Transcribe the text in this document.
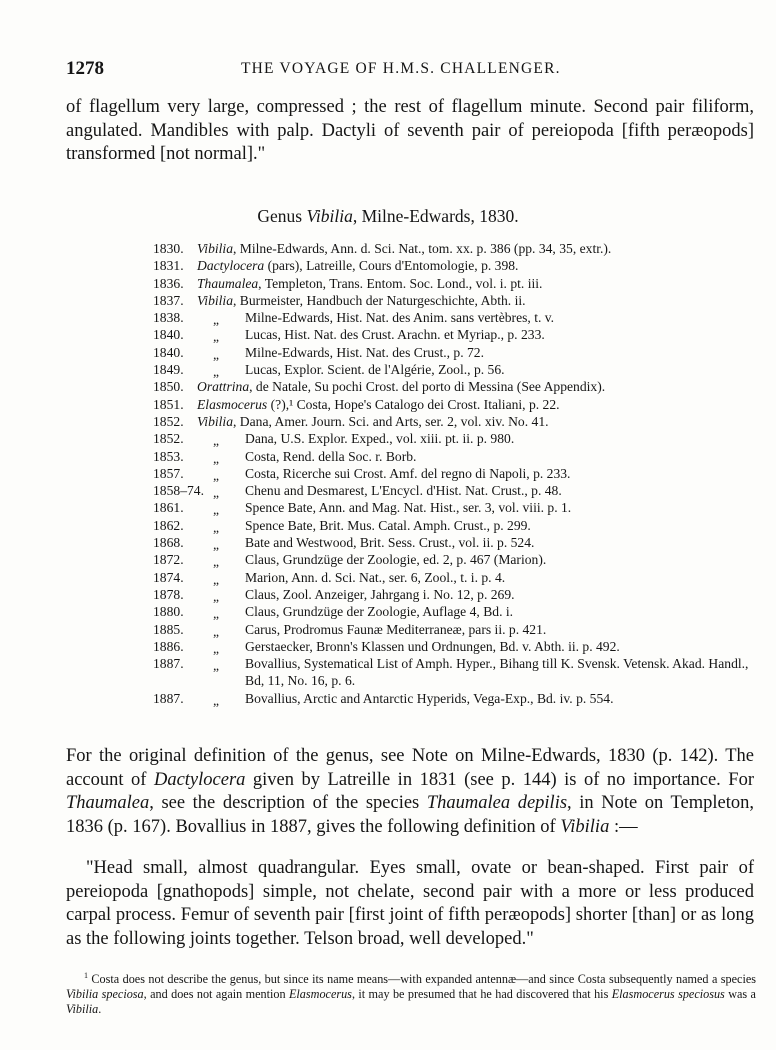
1278	THE VOYAGE OF H.M.S. CHALLENGER.
of flagellum very large, compressed ; the rest of flagellum minute. Second pair filiform, angulated. Mandibles with palp. Dactyli of seventh pair of pereiopoda [fifth peræopods] transformed [not normal]."
Genus Vibilia, Milne-Edwards, 1830.
1830. Vibilia, Milne-Edwards, Ann. d. Sci. Nat., tom. xx. p. 386 (pp. 34, 35, extr.).
1831. Dactylocera (pars), Latreille, Cours d'Entomologie, p. 398.
1836. Thaumalea, Templeton, Trans. Entom. Soc. Lond., vol. i. pt. iii.
1837. Vibilia, Burmeister, Handbuch der Naturgeschichte, Abth. ii.
1838. „ Milne-Edwards, Hist. Nat. des Anim. sans vertèbres, t. v.
1840. „ Lucas, Hist. Nat. des Crust. Arachn. et Myriap., p. 233.
1840. „ Milne-Edwards, Hist. Nat. des Crust., p. 72.
1849. „ Lucas, Explor. Scient. de l'Algérie, Zool., p. 56.
1850. Orattrina, de Natale, Su pochi Crost. del porto di Messina (See Appendix).
1851. Elasmocerus (?),¹ Costa, Hope's Catalogo dei Crost. Italiani, p. 22.
1852. Vibilia, Dana, Amer. Journ. Sci. and Arts, ser. 2, vol. xiv. No. 41.
1852. „ Dana, U.S. Explor. Exped., vol. xiii. pt. ii. p. 980.
1853. „ Costa, Rend. della Soc. r. Borb.
1857. „ Costa, Ricerche sui Crost. Amf. del regno di Napoli, p. 233.
1858–74. „ Chenu and Desmarest, L'Encycl. d'Hist. Nat. Crust., p. 48.
1861. „ Spence Bate, Ann. and Mag. Nat. Hist., ser. 3, vol. viii. p. 1.
1862. „ Spence Bate, Brit. Mus. Catal. Amph. Crust., p. 299.
1868. „ Bate and Westwood, Brit. Sess. Crust., vol. ii. p. 524.
1872. „ Claus, Grundzüge der Zoologie, ed. 2, p. 467 (Marion).
1874. „ Marion, Ann. d. Sci. Nat., ser. 6, Zool., t. i. p. 4.
1878. „ Claus, Zool. Anzeiger, Jahrgang i. No. 12, p. 269.
1880. „ Claus, Grundzüge der Zoologie, Auflage 4, Bd. i.
1885. „ Carus, Prodromus Faunæ Mediterraneæ, pars ii. p. 421.
1886. „ Gerstaecker, Bronn's Klassen und Ordnungen, Bd. v. Abth. ii. p. 492.
1887. „ Bovallius, Systematical List of Amph. Hyper., Bihang till K. Svensk. Vetensk. Akad. Handl., Bd, 11, No. 16, p. 6.
1887. „ Bovallius, Arctic and Antarctic Hyperids, Vega-Exp., Bd. iv. p. 554.
For the original definition of the genus, see Note on Milne-Edwards, 1830 (p. 142). The account of Dactylocera given by Latreille in 1831 (see p. 144) is of no importance. For Thaumalea, see the description of the species Thaumalea depilis, in Note on Templeton, 1836 (p. 167). Bovallius in 1887, gives the following definition of Vibilia :—
"Head small, almost quadrangular. Eyes small, ovate or bean-shaped. First pair of pereiopoda [gnathopods] simple, not chelate, second pair with a more or less produced carpal process. Femur of seventh pair [first joint of fifth peræopods] shorter [than] or as long as the following joints together. Telson broad, well developed."
$^1$ Costa does not describe the genus, but since its name means—with expanded antennæ—and since Costa subsequently named a species Vibilia speciosa, and does not again mention Elasmocerus, it may be presumed that he had discovered that his Elasmocerus speciosus was a Vibilia.
